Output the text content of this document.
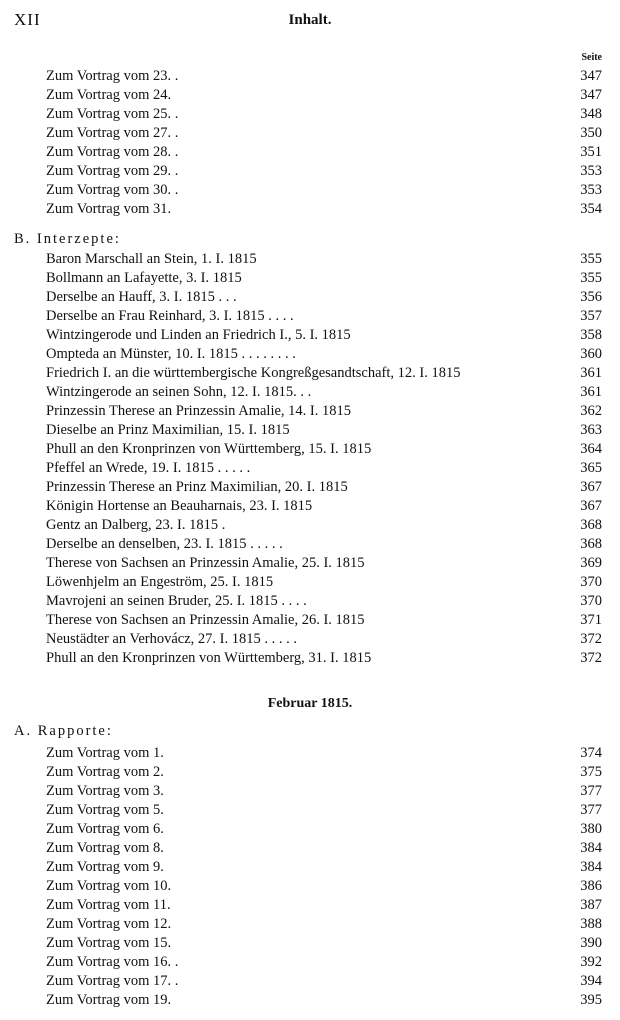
XII	Inhalt.
Seite
Zum Vortrag vom 23. .	347
Zum Vortrag vom 24.	347
Zum Vortrag vom 25. .	348
Zum Vortrag vom 27. .	350
Zum Vortrag vom 28. .	351
Zum Vortrag vom 29. .	353
Zum Vortrag vom 30. .	353
Zum Vortrag vom 31.	354
B. Interzepte:
Baron Marschall an Stein, 1. I. 1815	355
Bollmann an Lafayette, 3. I. 1815	355
Derselbe an Hauff, 3. I. 1815 . . .	356
Derselbe an Frau Reinhard, 3. I. 1815 . . . .	357
Wintzingerode und Linden an Friedrich I., 5. I. 1815	358
Ompteda an Münster, 10. I. 1815 . . . . . . . .	360
Friedrich I. an die württembergische Kongreßgesandtschaft, 12. I. 1815	361
Wintzingerode an seinen Sohn, 12. I. 1815. . .	361
Prinzessin Therese an Prinzessin Amalie, 14. I. 1815	362
Dieselbe an Prinz Maximilian, 15. I. 1815	363
Phull an den Kronprinzen von Württemberg, 15. I. 1815	364
Pfeffel an Wrede, 19. I. 1815 . . . . .	365
Prinzessin Therese an Prinz Maximilian, 20. I. 1815	367
Königin Hortense an Beauharnais, 23. I. 1815	367
Gentz an Dalberg, 23. I. 1815 .	368
Derselbe an denselben, 23. I. 1815 . . . . .	368
Therese von Sachsen an Prinzessin Amalie, 25. I. 1815	369
Löwenhjelm an Engeström, 25. I. 1815	370
Mavrojeni an seinen Bruder, 25. I. 1815 . . . .	370
Therese von Sachsen an Prinzessin Amalie, 26. I. 1815	371
Neustädter an Verhovácz, 27. I. 1815 . . . . .	372
Phull an den Kronprinzen von Württemberg, 31. I. 1815	372
Februar 1815.
A. Rapporte:
Zum Vortrag vom 1.	374
Zum Vortrag vom 2.	375
Zum Vortrag vom 3.	377
Zum Vortrag vom 5.	377
Zum Vortrag vom 6.	380
Zum Vortrag vom 8.	384
Zum Vortrag vom 9.	384
Zum Vortrag vom 10.	386
Zum Vortrag vom 11.	387
Zum Vortrag vom 12.	388
Zum Vortrag vom 15.	390
Zum Vortrag vom 16. .	392
Zum Vortrag vom 17. .	394
Zum Vortrag vom 19.	395
